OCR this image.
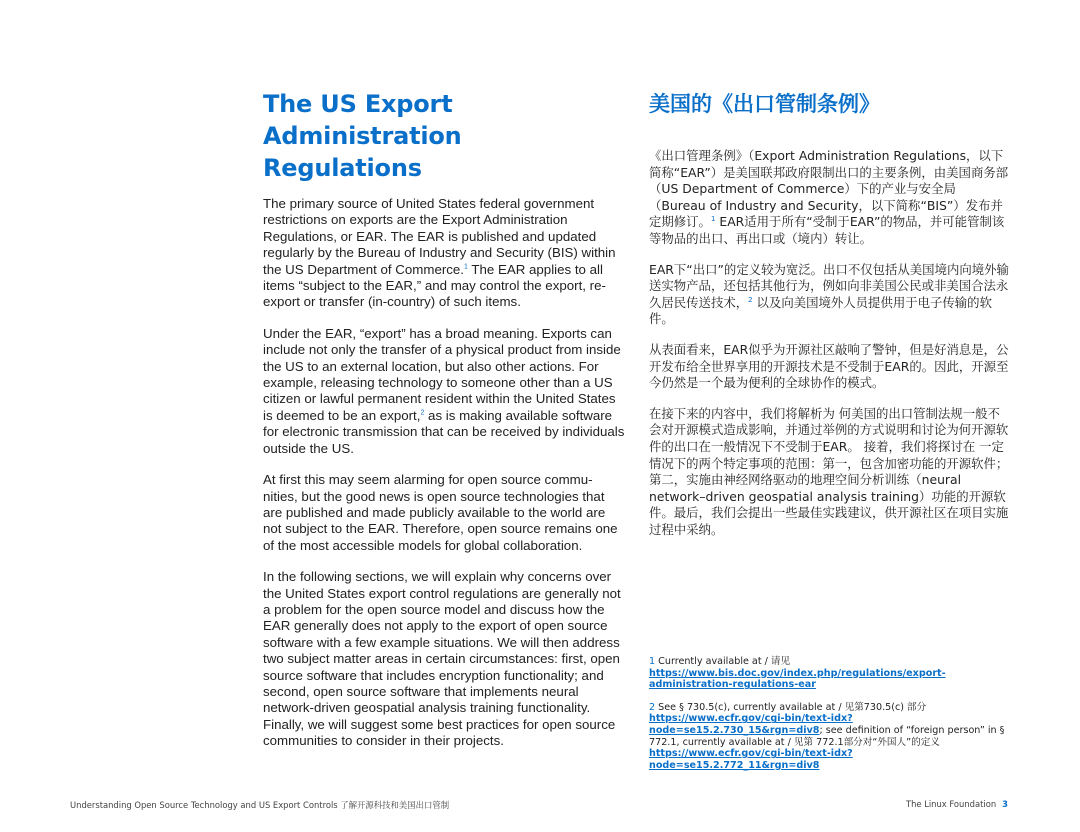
The US Export
Administration Regulations

The primary source of United States federal government restrictions on exports are the Export Administration Regulations, or EAR. The EAR is published and updated regularly by the Bureau of Industry and Security (BIS) within the US Department of Commerce.$^1$ The EAR applies to all items “subject to the EAR,” and may control the export, re-export or transfer (in-country) of such items.

Under the EAR, “export” has a broad meaning. Exports can include not only the transfer of a physical product from inside the US to an external location, but also other actions. For example, releasing technology to someone other than a US citizen or lawful permanent resident within the United States is deemed to be an export,$^2$ as is making available software for electronic transmission that can be received by individuals outside the US.

At first this may seem alarming for open source commu-nities, but the good news is open source technologies that are published and made publicly available to the world are not subject to the EAR. Therefore, open source remains one of the most accessible models for global collaboration.

In the following sections, we will explain why concerns over the United States export control regulations are generally not a problem for the open source model and discuss how the EAR generally does not apply to the export of open source software with a few example situations. We will then address two subject matter areas in certain circumstances: first, open source software that includes encryption functionality; and second, open source software that implements neural network-driven geospatial analysis training functionality. Finally, we will suggest some best practices for open source communities to consider in their projects.

美国的《出口管制条例》

《出口管理条例》（Export Administration Regulations，以下简称“EAR”）是美国联邦政府限制出口的主要条例，由美国商务部（US Department of Commerce）下的产业与安全局（Bureau of Industry and Security，以下简称“BIS”）发布并定期修订。$^1$ EAR适用于所有“受制于EAR”的物品，并可能管制该等物品的出口、再出口或（境内）转让。

EAR下“出口”的定义较为宽泛。出口不仅包括从美国境内向境外输送实物产品，还包括其他行为，例如向非美国公民或非美国合法永久居民传送技术，$^2$ 以及向美国境外人员提供用于电子传输的软件。

从表面看来，EAR似乎为开源社区敲响了警钟，但是好消息是，公开发布给全世界享用的开源技术是不受制于EAR的。因此，开源至今仍然是一个最为便利的全球协作的模式。

在接下来的内容中，我们将解析为 何美国的出口管制法规一般不会对开源模式造成影响，并通过举例的方式说明和讨论为何开源软件的出口在一般情况下不受制于EAR。 接着，我们将探讨在 一定情况下的两个特定事项的范围：第一，包含加密功能的开源软件；第二，实施由神经网络驱动的地理空间分析训练（neural network–driven geospatial analysis training）功能的开源软件。最后，我们会提出一些最佳实践建议，供开源社区在项目实施过程中采纳。

1 Currently available at / 请见 https://www.bis.doc.gov/index.php/regulations/export-administration-regulations-ear

2 See § 730.5(c), currently available at / 见第730.5(c) 部分 https://www.ecfr.gov/cgi-bin/text-idx?node=se15.2.730_15&rgn=div8; see definition of “foreign person” in § 772.1, currently available at / 见第 772.1部分对“外国人”的定义 https://www.ecfr.gov/cgi-bin/text-idx?node=se15.2.772_11&rgn=div8

Understanding Open Source Technology and US Export Controls 了解开源科技和美国出口管制	The Linux Foundation 3
